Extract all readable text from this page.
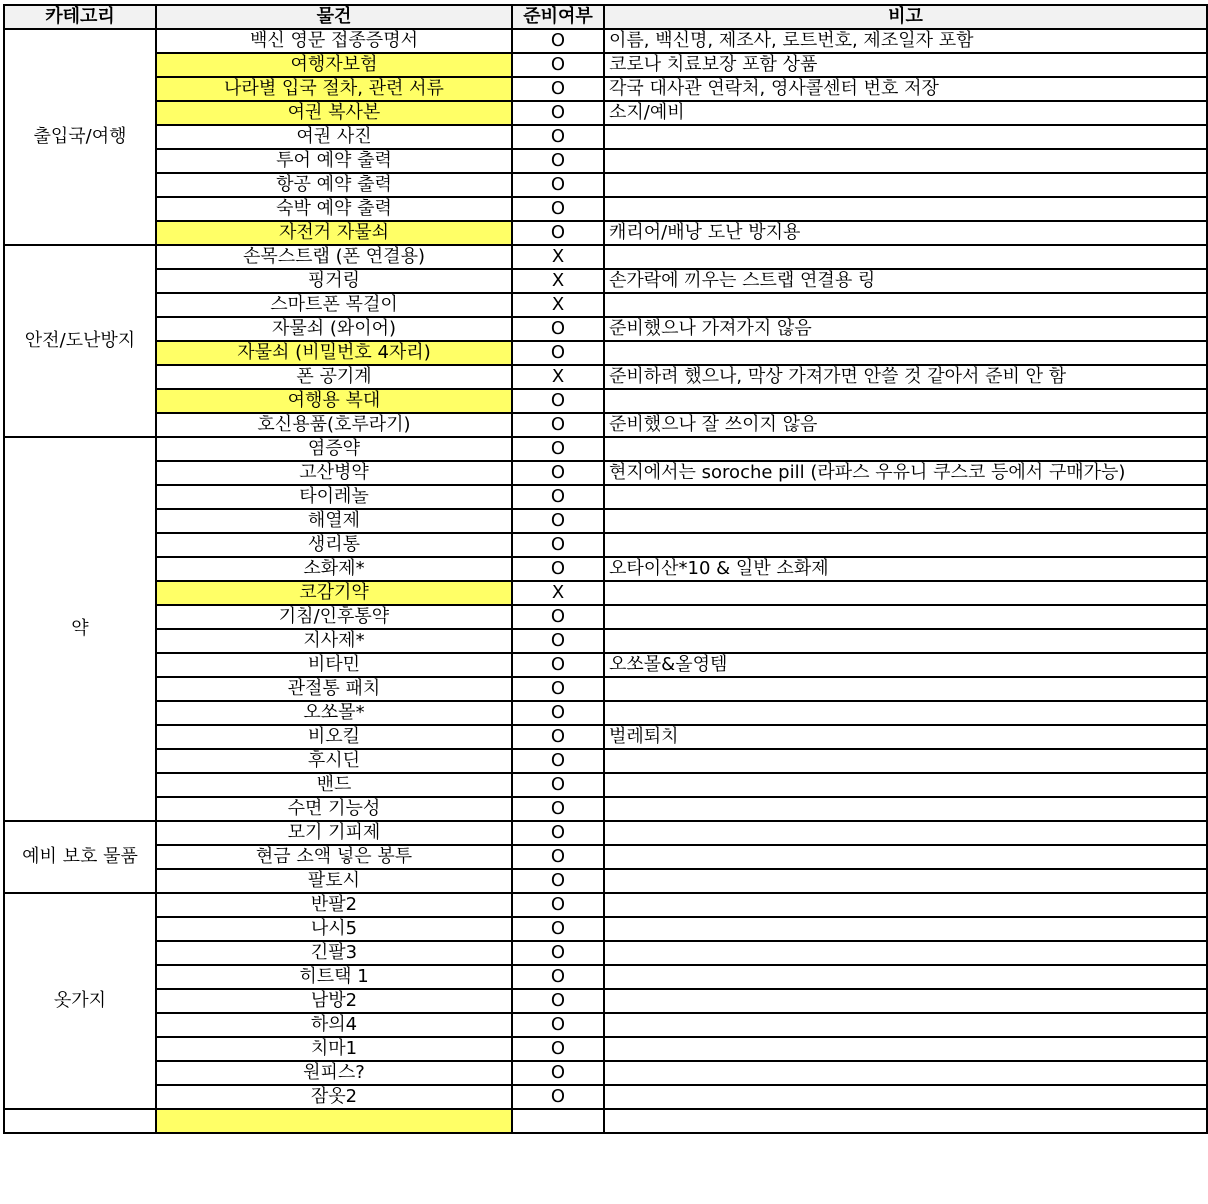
카테고리	물건	준비여부	비고
출입국/여행	백신 영문 접종증명서	O	이름, 백신명, 제조사, 로트번호, 제조일자 포함
	여행자보험	O	코로나 치료보장 포함 상품
	나라별 입국 절차, 관련 서류	O	각국 대사관 연락처, 영사콜센터 번호 저장
	여권 복사본	O	소지/예비
	여권 사진	O	
	투어 예약 출력	O	
	항공 예약 출력	O	
	숙박 예약 출력	O	
	자전거 자물쇠	O	캐리어/배낭 도난 방지용
안전/도난방지	손목스트랩 (폰 연결용)	X	
	핑거링	X	손가락에 끼우는 스트랩 연결용 링
	스마트폰 목걸이	X	
	자물쇠 (와이어)	O	준비했으나 가져가지 않음
	자물쇠 (비밀번호 4자리)	O	
	폰 공기계	X	준비하려 했으나, 막상 가져가면 안쓸 것 같아서 준비 안 함
	여행용 복대	O	
	호신용품(호루라기)	O	준비했으나 잘 쓰이지 않음
약	염증약	O	
	고산병약	O	현지에서는 soroche pill (라파스 우유니 쿠스코 등에서 구매가능)
	타이레놀	O	
	해열제	O	
	생리통	O	
	소화제*	O	오타이산*10 & 일반 소화제
	코감기약	X	
	기침/인후통약	O	
	지사제*	O	
	비타민	O	오쏘몰&올영템
	관절통 패치	O	
	오쏘몰*	O	
	비오킬	O	벌레퇴치
	후시딘	O	
	밴드	O	
	수면 기능성	O	
예비 보호 물품	모기 기피제	O	
	현금 소액 넣은 봉투	O	
	팔토시	O	
옷가지	반팔2	O	
	나시5	O	
	긴팔3	O	
	히트택 1	O	
	남방2	O	
	하의4	O	
	치마1	O	
	원피스?	O	
	잠옷2	O	
